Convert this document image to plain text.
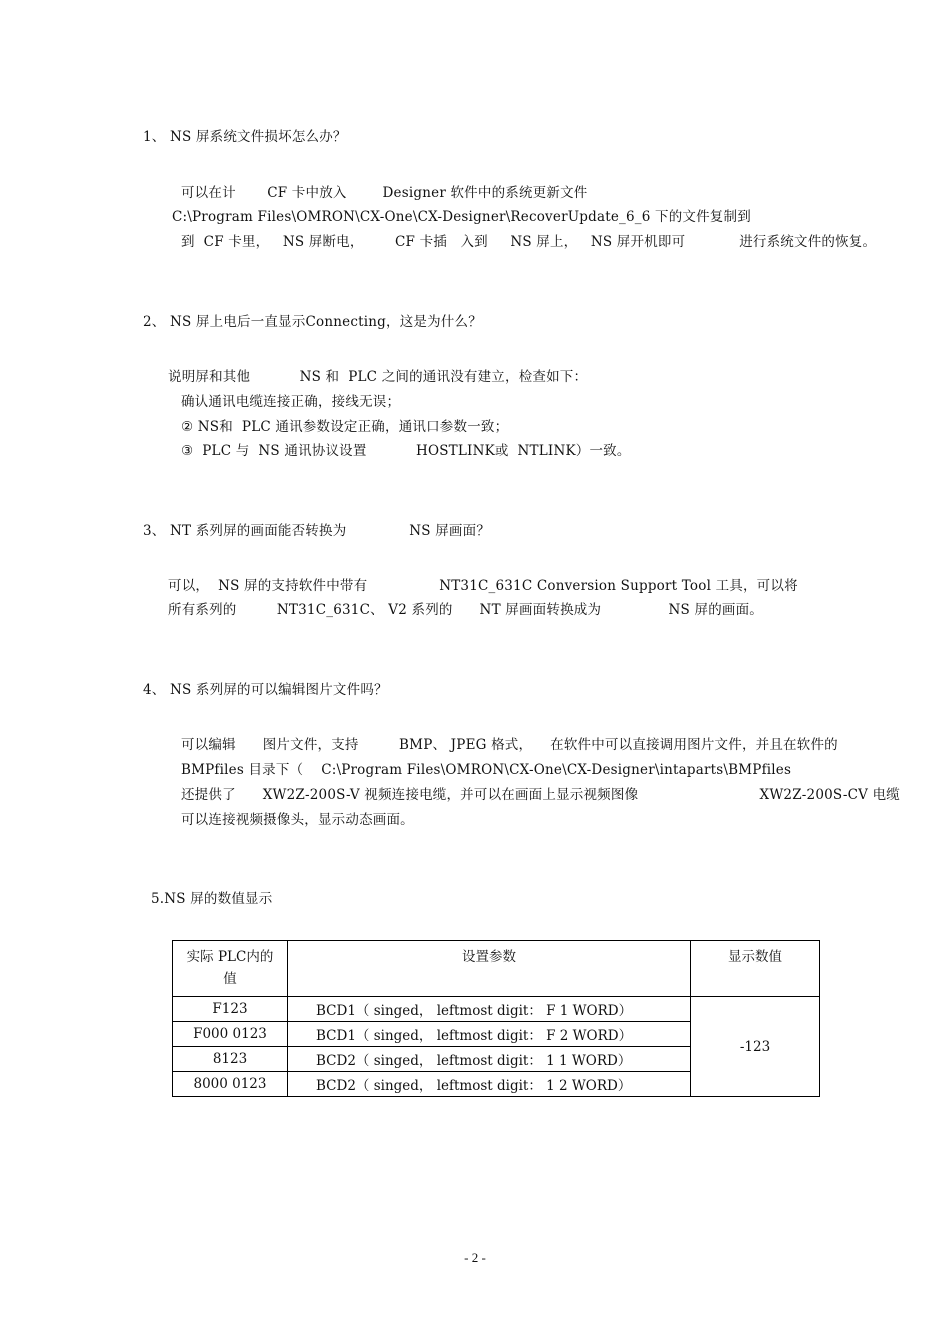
1、 NS 屏系统文件损坏怎么办？
可以在计       CF 卡中放入        Designer 软件中的系统更新文件
C:\Program Files\OMRON\CX-One\CX-Designer\RecoverUpdate_6_6 下的文件复制到
到  CF 卡里，   NS 屏断电，       CF 卡插   入到     NS 屏上，   NS 屏开机即可            进行系统文件的恢复。
2、 NS 屏上电后一直显示Connecting，这是为什么？
说明屏和其他           NS 和  PLC 之间的通讯没有建立，检查如下：
确认通讯电缆连接正确，接线无误；
② NS和  PLC 通讯参数设定正确，通讯口参数一致；
③  PLC 与  NS 通讯协议设置           HOSTLINK或  NTLINK）一致。
3、 NT 系列屏的画面能否转换为              NS 屏画面？
可以，  NS 屏的支持软件中带有                NT31C_631C Conversion Support Tool 工具，可以将
所有系列的         NT31C_631C、 V2 系列的      NT 屏画面转换成为               NS 屏的画面。
4、 NS 系列屏的可以编辑图片文件吗？
可以编辑      图片文件，支持         BMP、 JPEG 格式，    在软件中可以直接调用图片文件，并且在软件的
BMPfiles 目录下（    C:\Program Files\OMRON\CX-One\CX-Designer\intaparts\BMPfiles
还提供了      XW2Z-200S-V 视频连接电缆，并可以在画面上显示视频图像                           XW2Z-200S-CV 电缆
可以连接视频摄像头，显示动态画面。
5.NS 屏的数值显示
实际 PLC内的
值	设置参数	显示数值
F123	BCD1（ singed， leftmost digit： F 1 WORD）	-123
F000 0123	BCD1（ singed， leftmost digit： F 2 WORD）	
8123	BCD2（ singed， leftmost digit： 1 1 WORD）	
8000 0123	BCD2（ singed， leftmost digit： 1 2 WORD）	
- 2 -
